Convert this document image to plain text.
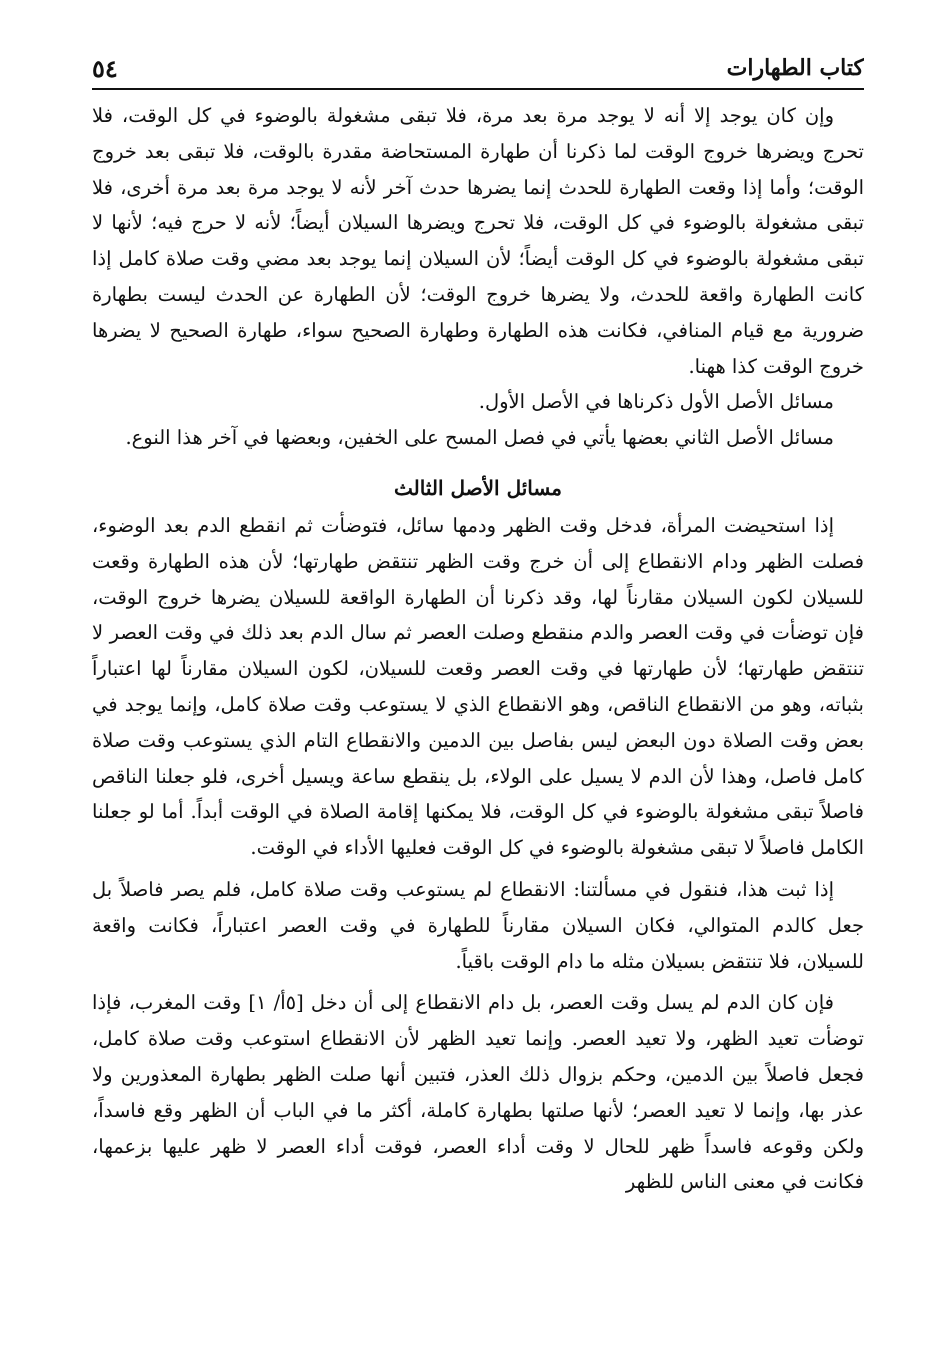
كتاب الطهارات
٥٤

وإن كان يوجد إلا أنه لا يوجد مرة بعد مرة، فلا تبقى مشغولة بالوضوء في كل الوقت، فلا تحرج ويضرها خروج الوقت لما ذكرنا أن طهارة المستحاضة مقدرة بالوقت، فلا تبقى بعد خروج الوقت؛ وأما إذا وقعت الطهارة للحدث إنما يضرها حدث آخر لأنه لا يوجد مرة بعد مرة أخرى، فلا تبقى مشغولة بالوضوء في كل الوقت، فلا تحرج ويضرها السيلان أيضاً؛ لأنه لا حرج فيه؛ لأنها لا تبقى مشغولة بالوضوء في كل الوقت أيضاً؛ لأن السيلان إنما يوجد بعد مضي وقت صلاة كامل إذا كانت الطهارة واقعة للحدث، ولا يضرها خروج الوقت؛ لأن الطهارة عن الحدث ليست بطهارة ضرورية مع قيام المنافي، فكانت هذه الطهارة وطهارة الصحيح سواء، طهارة الصحيح لا يضرها خروج الوقت كذا ههنا.

مسائل الأصل الأول ذكرناها في الأصل الأول.

مسائل الأصل الثاني بعضها يأتي في فصل المسح على الخفين، وبعضها في آخر هذا النوع.

مسائل الأصل الثالث

إذا استحيضت المرأة، فدخل وقت الظهر ودمها سائل، فتوضأت ثم انقطع الدم بعد الوضوء، فصلت الظهر ودام الانقطاع إلى أن خرج وقت الظهر تنتقض طهارتها؛ لأن هذه الطهارة وقعت للسيلان لكون السيلان مقارناً لها، وقد ذكرنا أن الطهارة الواقعة للسيلان يضرها خروج الوقت، فإن توضأت في وقت العصر والدم منقطع وصلت العصر ثم سال الدم بعد ذلك في وقت العصر لا تنتقض طهارتها؛ لأن طهارتها في وقت العصر وقعت للسيلان، لكون السيلان مقارناً لها اعتباراً بثباته، وهو من الانقطاع الناقص، وهو الانقطاع الذي لا يستوعب وقت صلاة كامل، وإنما يوجد في بعض وقت الصلاة دون البعض ليس بفاصل بين الدمين والانقطاع التام الذي يستوعب وقت صلاة كامل فاصل، وهذا لأن الدم لا يسيل على الولاء، بل ينقطع ساعة ويسيل أخرى، فلو جعلنا الناقص فاصلاً تبقى مشغولة بالوضوء في كل الوقت، فلا يمكنها إقامة الصلاة في الوقت أبداً. أما لو جعلنا الكامل فاصلاً لا تبقى مشغولة بالوضوء في كل الوقت فعليها الأداء في الوقت.

إذا ثبت هذا، فنقول في مسألتنا: الانقطاع لم يستوعب وقت صلاة كامل، فلم يصر فاصلاً بل جعل كالدم المتوالي، فكان السيلان مقارناً للطهارة في وقت العصر اعتباراً، فكانت واقعة للسيلان، فلا تنتقض بسيلان مثله ما دام الوقت باقياً.

فإن كان الدم لم يسل وقت العصر، بل دام الانقطاع إلى أن دخل [٥أ/ ١] وقت المغرب، فإذا توضأت تعيد الظهر، ولا تعيد العصر. وإنما تعيد الظهر لأن الانقطاع استوعب وقت صلاة كامل، فجعل فاصلاً بين الدمين، وحكم بزوال ذلك العذر، فتبين أنها صلت الظهر بطهارة المعذورين ولا عذر بها، وإنما لا تعيد العصر؛ لأنها صلتها بطهارة كاملة، أكثر ما في الباب أن الظهر وقع فاسداً، ولكن وقوعه فاسداً ظهر للحال لا وقت أداء العصر، فوقت أداء العصر لا ظهر عليها بزعمها، فكانت في معنى الناس للظهر
